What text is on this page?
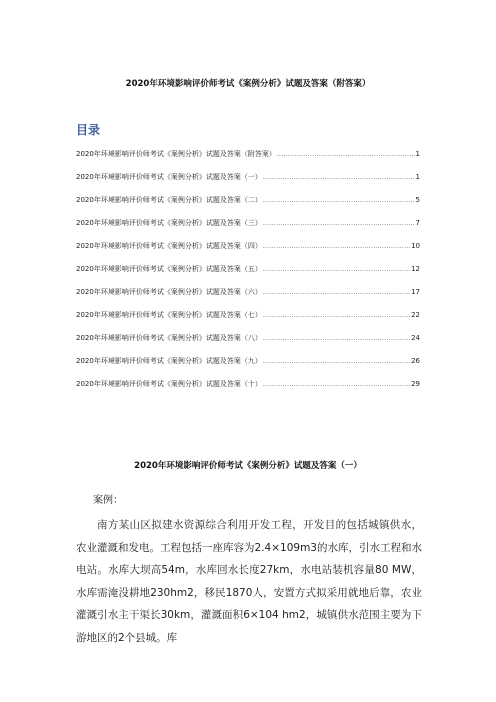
2020年环境影响评价师考试《案例分析》试题及答案（附答案）
目录
2020年环境影响评价师考试《案例分析》试题及答案（附答案） .....	1
2020年环境影响评价师考试《案例分析》试题及答案（一） .....	1
2020年环境影响评价师考试《案例分析》试题及答案（二） .....	5
2020年环境影响评价师考试《案例分析》试题及答案（三） .....	7
2020年环境影响评价师考试《案例分析》试题及答案（四） .....	10
2020年环境影响评价师考试《案例分析》试题及答案（五） .....	12
2020年环境影响评价师考试《案例分析》试题及答案（六） .....	17
2020年环境影响评价师考试《案例分析》试题及答案（七） .....	22
2020年环境影响评价师考试《案例分析》试题及答案（八） .....	24
2020年环境影响评价师考试《案例分析》试题及答案（九） .....	26
2020年环境影响评价师考试《案例分析》试题及答案（十） .....	29
2020年环境影响评价师考试《案例分析》试题及答案（一）
案例：

南方某山区拟建水资源综合利用开发工程，开发目的包括城镇供水，农业灌溉和发电。工程包括一座库容为2.4×109m3的水库，引水工程和水电站。水库大坝高54m，水库回水长度27km，水电站装机容量80 MW，水库需淹没耕地230hm2，移民1870人，安置方式拟采用就地后靠，农业灌溉引水主干渠长30km，灌溉面积6×104 hm2，城镇供水范围主要为下游地区的2个县城。库
